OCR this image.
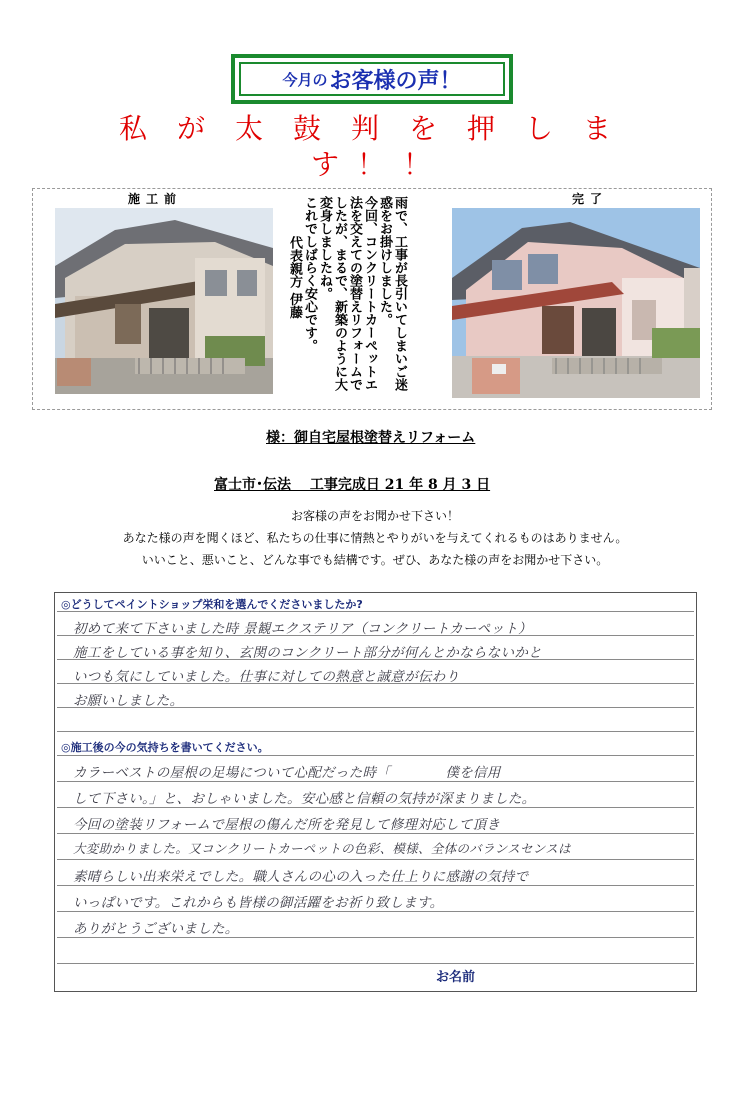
今月の お客様の声！
私が太鼓判を押しま
す！！
施工前	完了
雨で、工事が長引いてしまいご迷
惑をお掛けしました。
今回、コンクリートカーペットエ
法を交えての塗替えリフォームで
したが、まるで、新築のように大
変身しましたね。
これでしばらく安心です。
代表親方 伊藤
様：御自宅屋根塗替えリフォーム
富士市･伝法　 工事完成日 21 年 8 月 3 日
お客様の声をお聞かせ下さい！
あなた様の声を聞くほど、私たちの仕事に情熱とやりがいを与えてくれるものはありません。
いいこと、悪いこと、どんな事でも結構です。ぜひ、あなた様の声をお聞かせ下さい。
◎どうしてペイントショップ栄和を選んでくださいましたか?
初めて来て下さいました時 景観エクステリア（コンクリートカーペット）
施工をしている事を知り、玄関のコンクリート部分が何んとかならないかと
いつも気にしていました。仕事に対しての熱意と誠意が伝わり
お願いしました。
◎施工後の今の気持ちを書いてください。
カラーベストの屋根の足場について心配だった時「　　　　僕を信用
して下さい。」と、おしゃいました。安心感と信頼の気持が深まりました。
今回の塗装リフォームで屋根の傷んだ所を発見して修理対応して頂き
大変助かりました。又コンクリートカーペットの色彩、模様、全体のバランスセンスは
素晴らしい出来栄えでした。職人さんの心の入った仕上りに感謝の気持で
いっぱいです。これからも皆様の御活躍をお祈り致します。
ありがとうございました。
お名前
